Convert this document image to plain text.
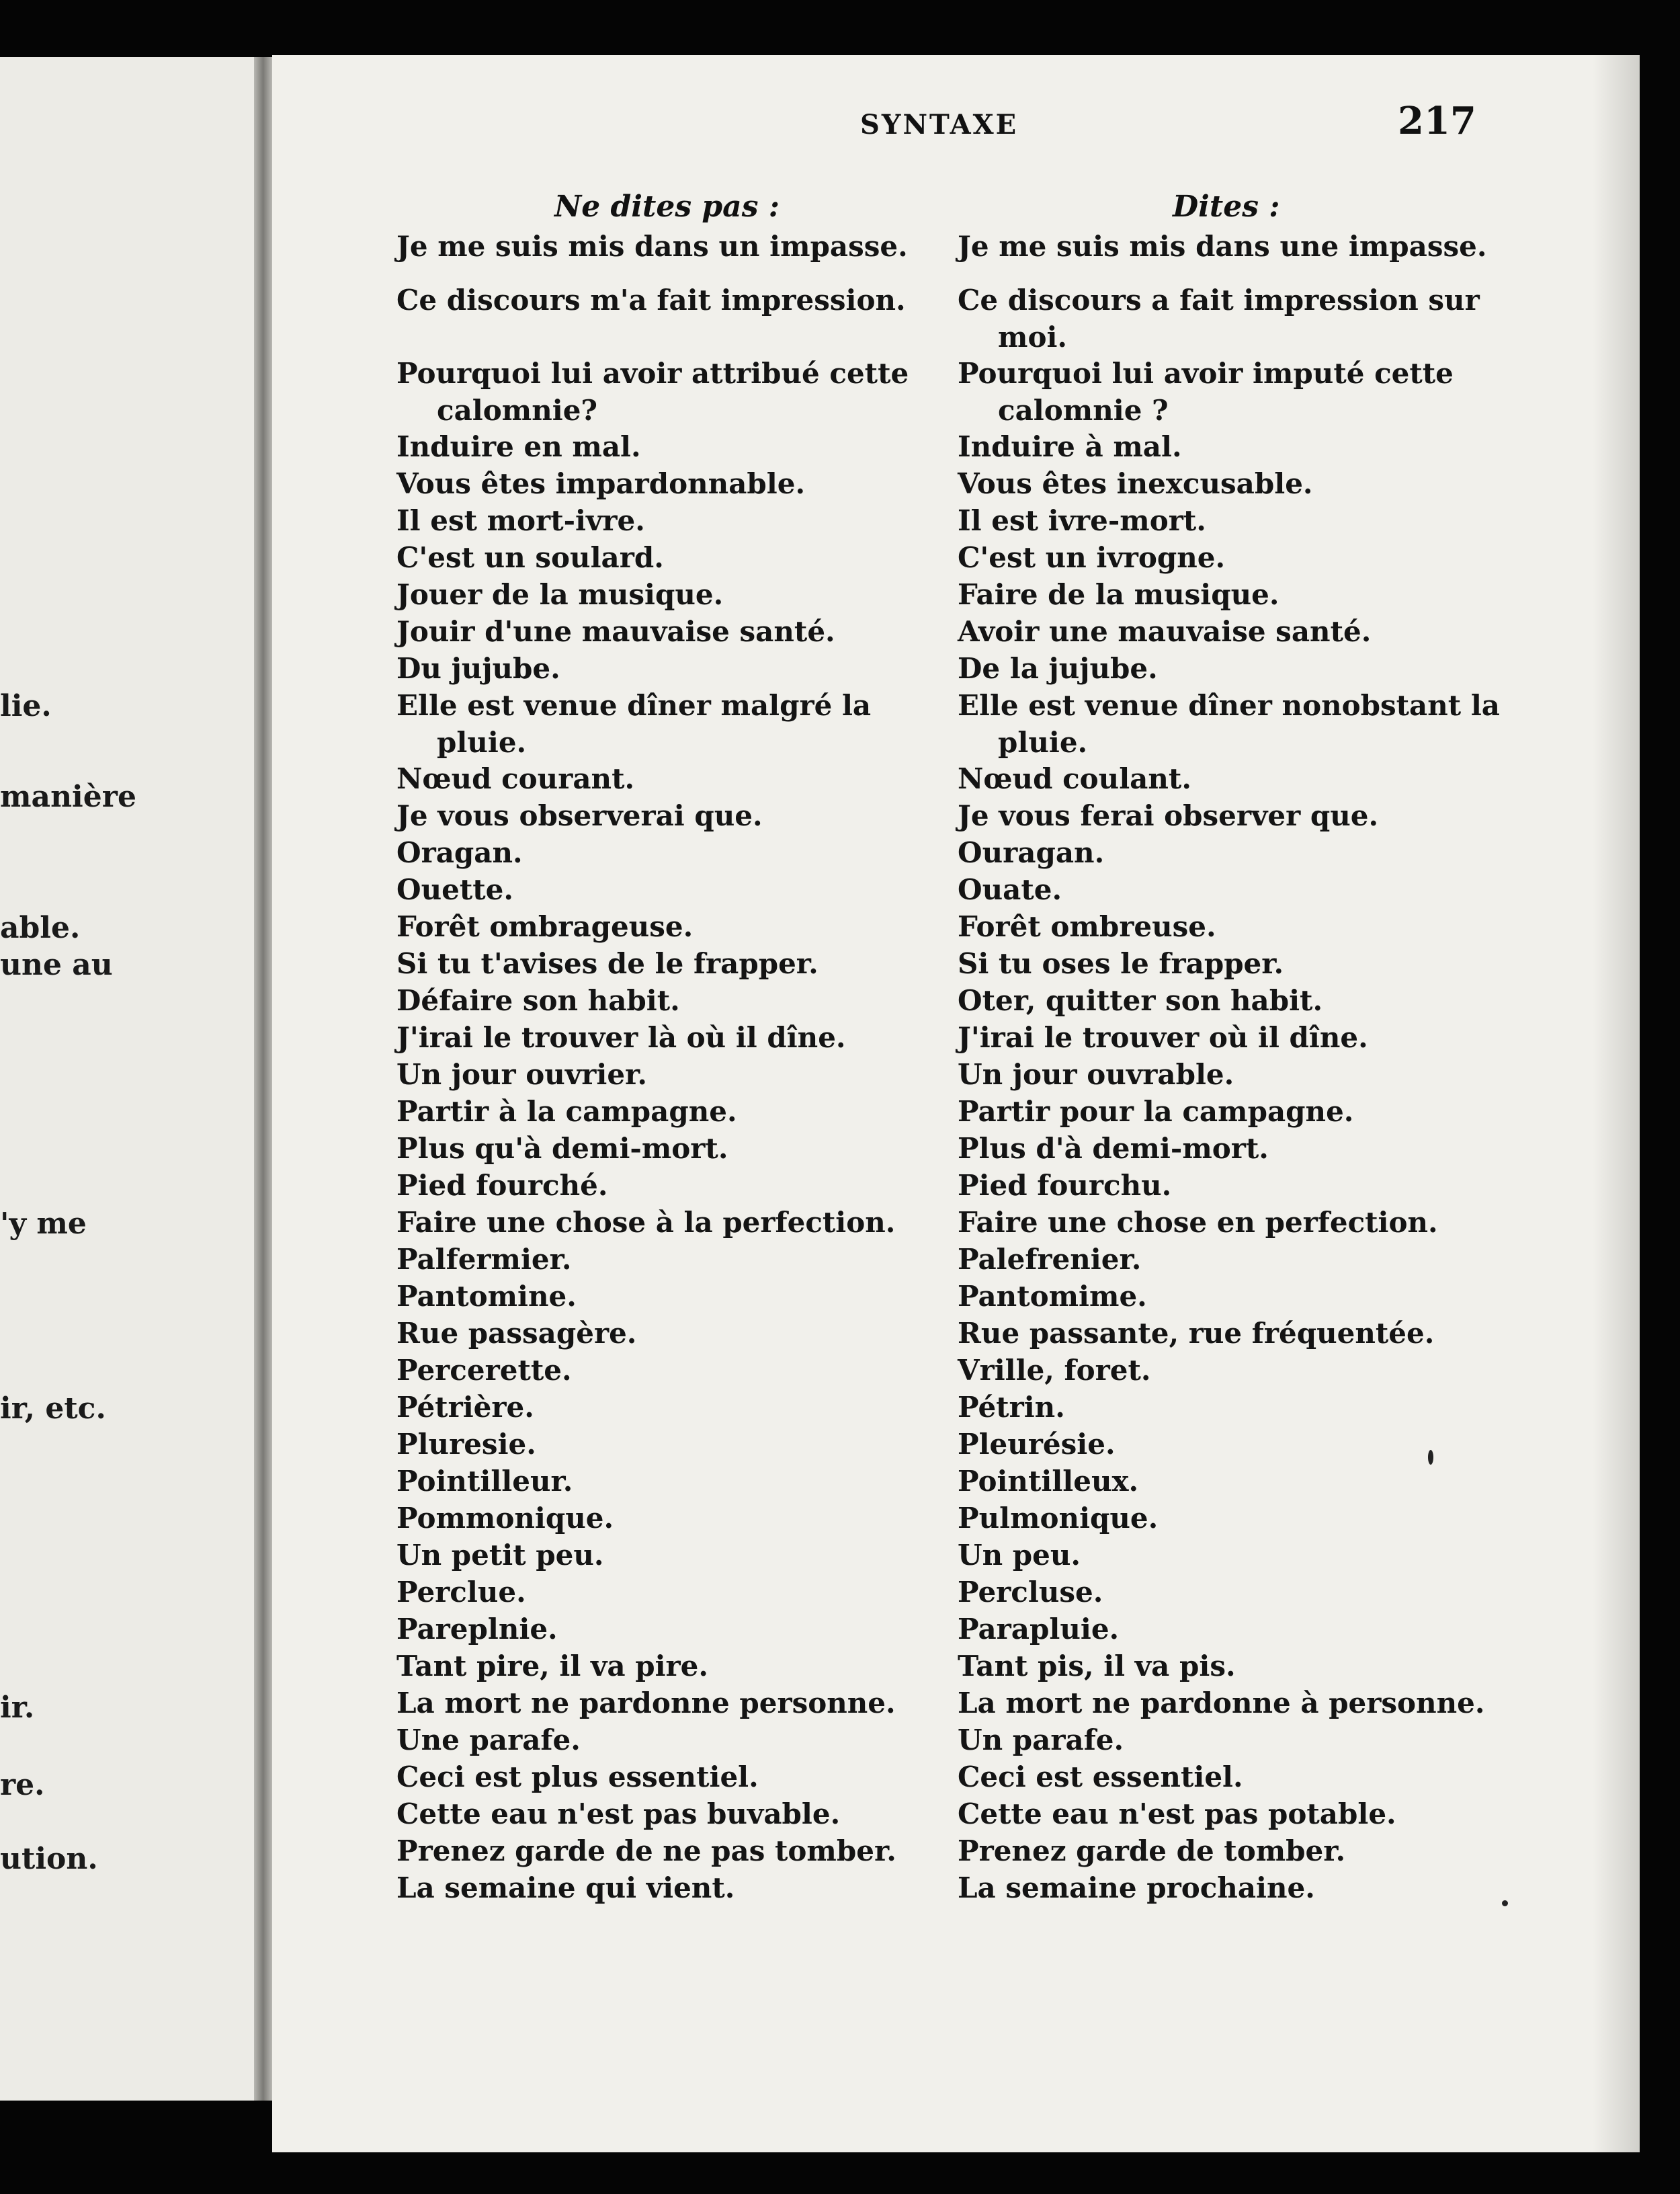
lie.
manière
able.
une au
'y me
ir, etc.
ir.
re.
ution.
SYNTAXE	217
Ne dites pas :	Dites :
Je me suis mis dans un impasse.
Ce discours m'a fait impression.
Pourquoi lui avoir attribué cette calomnie?
Induire en mal.
Vous êtes impardonnable.
Il est mort-ivre.
C'est un soulard.
Jouer de la musique.
Jouir d'une mauvaise santé.
Du jujube.
Elle est venue dîner malgré la pluie.
Nœud courant.
Je vous observerai que.
Oragan.
Ouette.
Forêt ombrageuse.
Si tu t'avises de le frapper.
Défaire son habit.
J'irai le trouver là où il dîne.
Un jour ouvrier.
Partir à la campagne.
Plus qu'à demi-mort.
Pied fourché.
Faire une chose à la perfection.
Palfermier.
Pantomine.
Rue passagère.
Percerette.
Pétrière.
Pluresie.
Pointilleur.
Pommonique.
Un petit peu.
Perclue.
Pareplnie.
Tant pire, il va pire.
La mort ne pardonne personne.
Une parafe.
Ceci est plus essentiel.
Cette eau n'est pas buvable.
Prenez garde de ne pas tomber.
La semaine qui vient.
Je me suis mis dans une impasse.
Ce discours a fait impression sur moi.
Pourquoi lui avoir imputé cette calomnie ?
Induire à mal.
Vous êtes inexcusable.
Il est ivre-mort.
C'est un ivrogne.
Faire de la musique.
Avoir une mauvaise santé.
De la jujube.
Elle est venue dîner nonobstant la pluie.
Nœud coulant.
Je vous ferai observer que.
Ouragan.
Ouate.
Forêt ombreuse.
Si tu oses le frapper.
Oter, quitter son habit.
J'irai le trouver où il dîne.
Un jour ouvrable.
Partir pour la campagne.
Plus d'à demi-mort.
Pied fourchu.
Faire une chose en perfection.
Palefrenier.
Pantomime.
Rue passante, rue fréquentée.
Vrille, foret.
Pétrin.
Pleurésie.
Pointilleux.
Pulmonique.
Un peu.
Percluse.
Parapluie.
Tant pis, il va pis.
La mort ne pardonne à personne.
Un parafe.
Ceci est essentiel.
Cette eau n'est pas potable.
Prenez garde de tomber.
La semaine prochaine.
